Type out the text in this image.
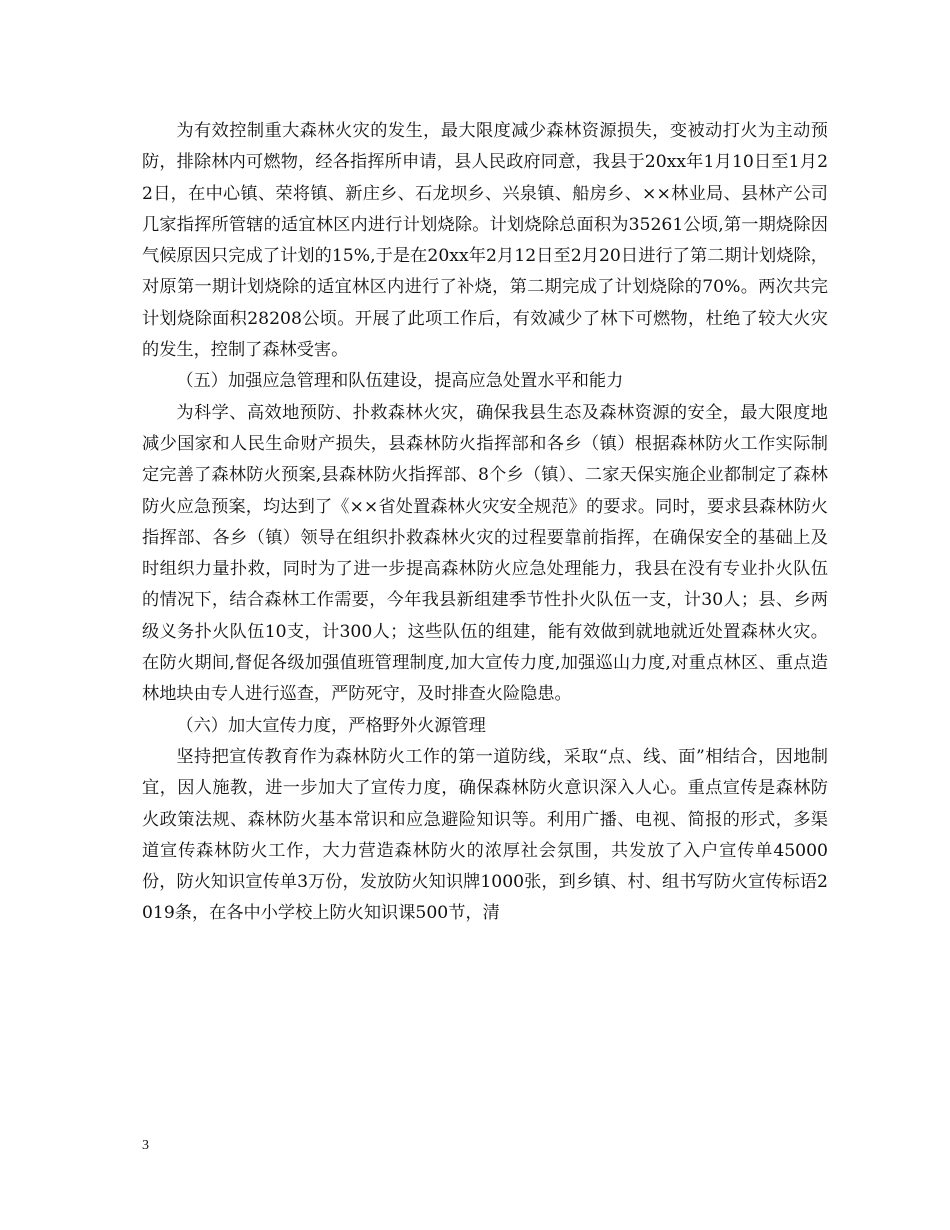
为有效控制重大森林火灾的发生，最大限度减少森林资源损失，变被动打火为主动预防，排除林内可燃物，经各指挥所申请，县人民政府同意，我县于20xx年1月10日至1月22日，在中心镇、荣将镇、新庄乡、石龙坝乡、兴泉镇、船房乡、××林业局、县林产公司几家指挥所管辖的适宜林区内进行计划烧除。计划烧除总面积为35261公顷,第一期烧除因气候原因只完成了计划的15%,于是在20xx年2月12日至2月20日进行了第二期计划烧除，对原第一期计划烧除的适宜林区内进行了补烧，第二期完成了计划烧除的70%。两次共完计划烧除面积28208公顷。开展了此项工作后，有效减少了林下可燃物，杜绝了较大火灾的发生，控制了森林受害。

（五）加强应急管理和队伍建设，提高应急处置水平和能力

为科学、高效地预防、扑救森林火灾，确保我县生态及森林资源的安全，最大限度地减少国家和人民生命财产损失，县森林防火指挥部和各乡（镇）根据森林防火工作实际制定完善了森林防火预案,县森林防火指挥部、8个乡（镇）、二家天保实施企业都制定了森林防火应急预案，均达到了《××省处置森林火灾安全规范》的要求。同时，要求县森林防火指挥部、各乡（镇）领导在组织扑救森林火灾的过程要靠前指挥，在确保安全的基础上及时组织力量扑救，同时为了进一步提高森林防火应急处理能力，我县在没有专业扑火队伍的情况下，结合森林工作需要，今年我县新组建季节性扑火队伍一支，计30人；县、乡两级义务扑火队伍10支，计300人；这些队伍的组建，能有效做到就地就近处置森林火灾。在防火期间,督促各级加强值班管理制度,加大宣传力度,加强巡山力度,对重点林区、重点造林地块由专人进行巡查，严防死守，及时排查火险隐患。

（六）加大宣传力度，严格野外火源管理

坚持把宣传教育作为森林防火工作的第一道防线，采取“点、线、面”相结合，因地制宜，因人施教，进一步加大了宣传力度，确保森林防火意识深入人心。重点宣传是森林防火政策法规、森林防火基本常识和应急避险知识等。利用广播、电视、简报的形式，多渠道宣传森林防火工作，大力营造森林防火的浓厚社会氛围，共发放了入户宣传单45000份，防火知识宣传单3万份，发放防火知识牌1000张，到乡镇、村、组书写防火宣传标语2019条，在各中小学校上防火知识课500节，清

3
